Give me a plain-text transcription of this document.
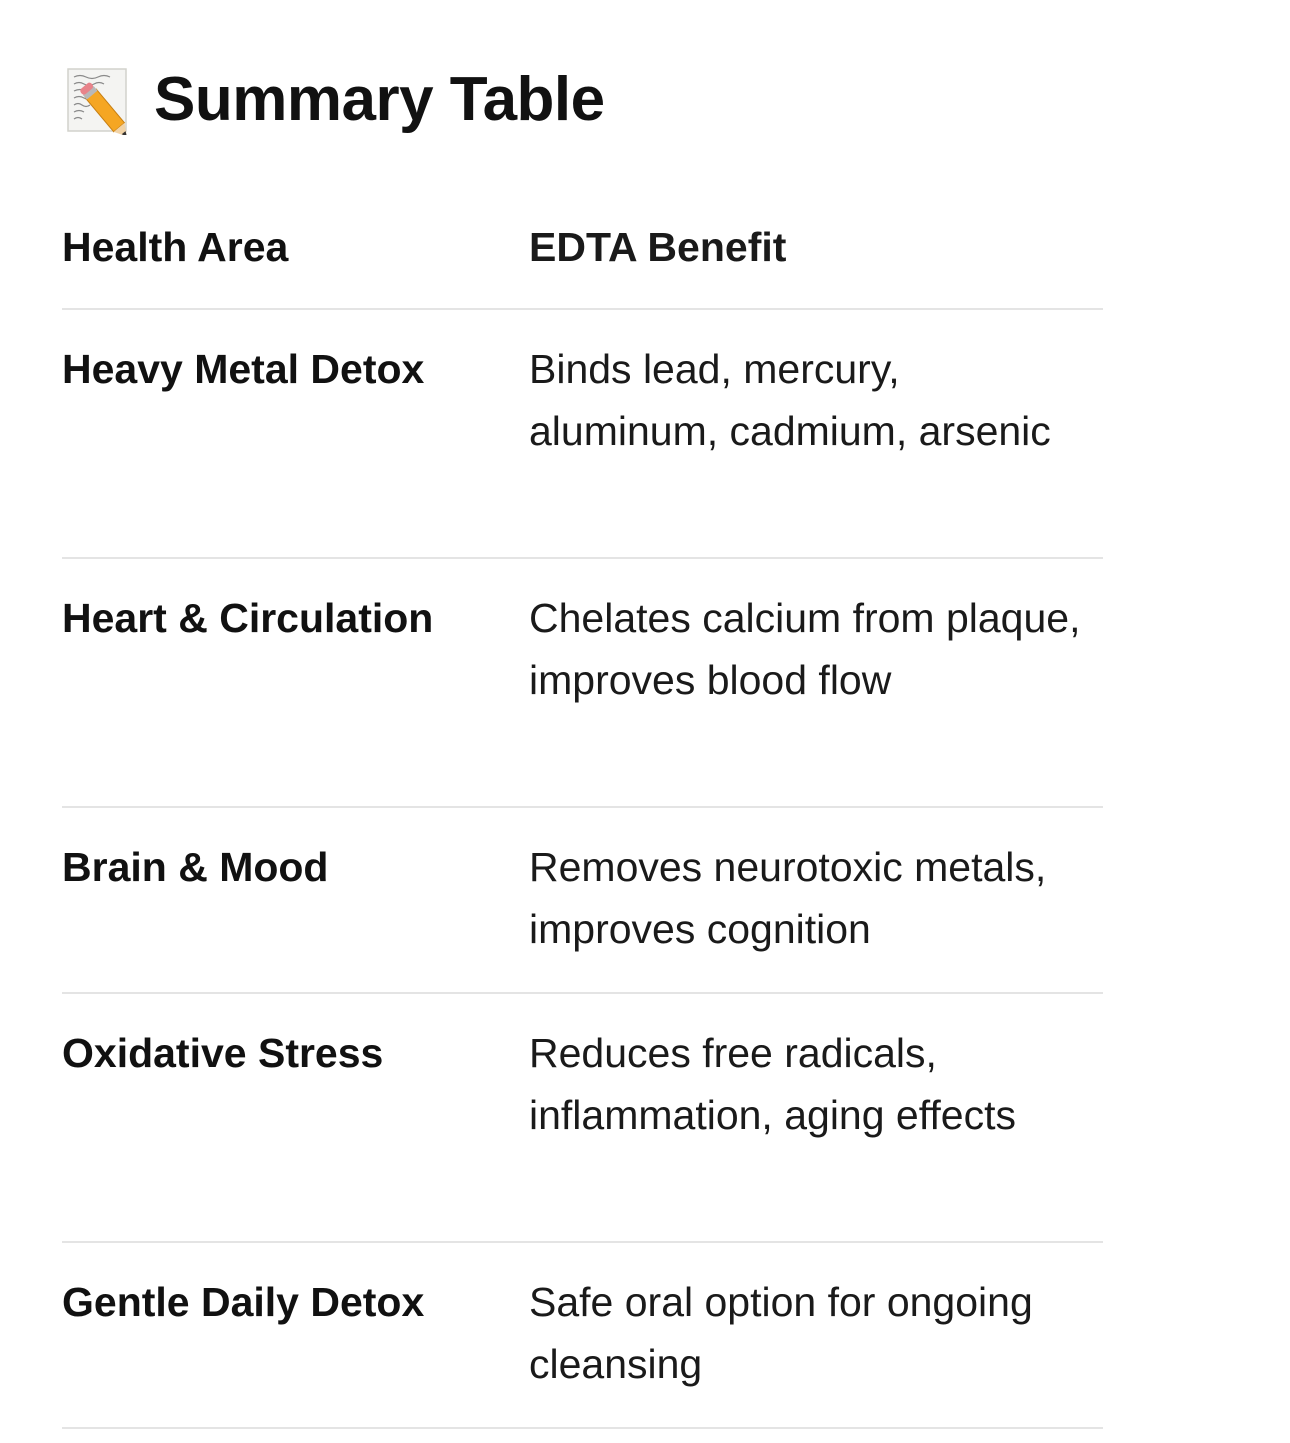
Summary Table
Health Area	EDTA Benefit
Heavy Metal Detox	Binds lead, mercury, aluminum, cadmium, arsenic
Heart & Circulation	Chelates calcium from plaque, improves blood flow
Brain & Mood	Removes neurotoxic metals, improves cognition
Oxidative Stress	Reduces free radicals, inflammation, aging effects
Gentle Daily Detox	Safe oral option for ongoing cleansing
